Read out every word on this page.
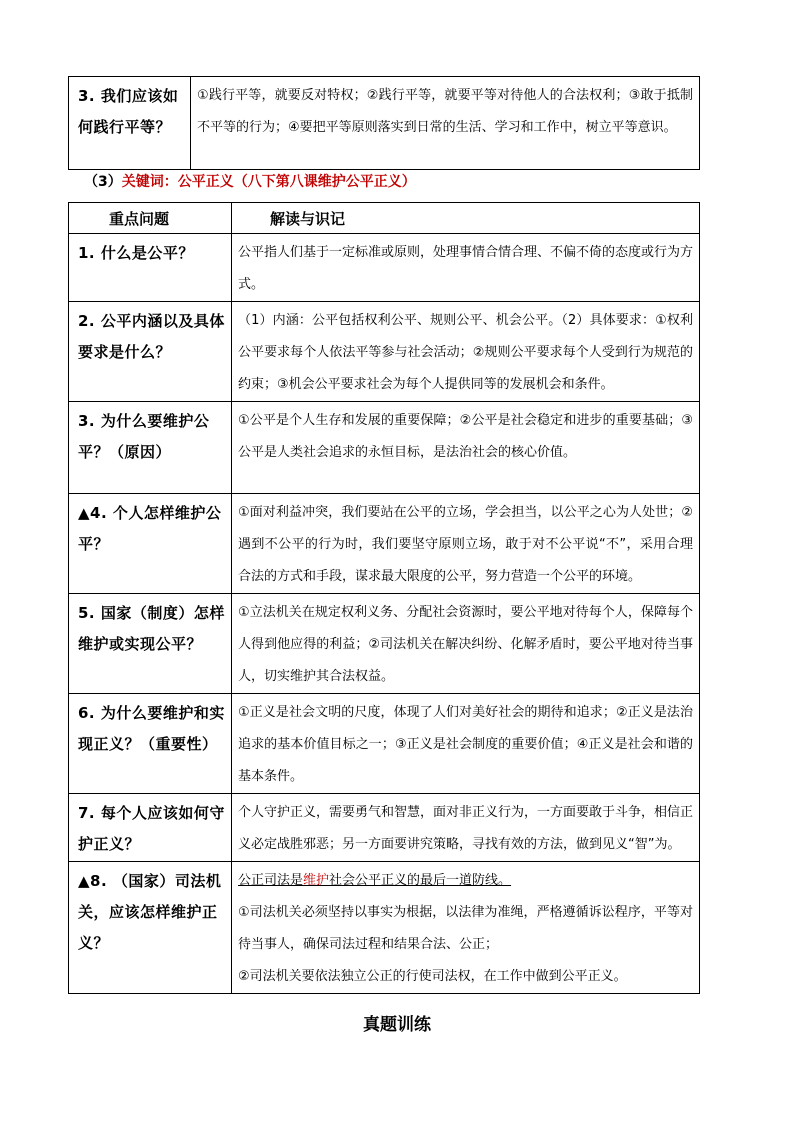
3. 我们应该如何践行平等？	①践行平等，就要反对特权；②践行平等，就要平等对待他人的合法权利；③敢于抵制不平等的行为；④要把平等原则落实到日常的生活、学习和工作中，树立平等意识。
（3）关键词：公平正义（八下第八课维护公平正义）
重点问题	解读与识记
1. 什么是公平？	公平指人们基于一定标准或原则，处理事情合情合理、不偏不倚的态度或行为方式。
2. 公平内涵以及具体要求是什么？	（1）内涵：公平包括权利公平、规则公平、机会公平。（2）具体要求：①权利公平要求每个人依法平等参与社会活动；②规则公平要求每个人受到行为规范的约束；③机会公平要求社会为每个人提供同等的发展机会和条件。
3. 为什么要维护公平？（原因）	①公平是个人生存和发展的重要保障；②公平是社会稳定和进步的重要基础；③公平是人类社会追求的永恒目标，是法治社会的核心价值。
▲4. 个人怎样维护公平？	①面对利益冲突，我们要站在公平的立场，学会担当，以公平之心为人处世；②遇到不公平的行为时，我们要坚守原则立场，敢于对不公平说“不”，采用合理合法的方式和手段，谋求最大限度的公平，努力营造一个公平的环境。
5. 国家（制度）怎样维护或实现公平？	①立法机关在规定权利义务、分配社会资源时，要公平地对待每个人，保障每个人得到他应得的利益；②司法机关在解决纠纷、化解矛盾时，要公平地对待当事人，切实维护其合法权益。
6. 为什么要维护和实现正义？（重要性）	①正义是社会文明的尺度，体现了人们对美好社会的期待和追求；②正义是法治追求的基本价值目标之一；③正义是社会制度的重要价值；④正义是社会和谐的基本条件。
7. 每个人应该如何守护正义？	个人守护正义，需要勇气和智慧，面对非正义行为，一方面要敢于斗争，相信正义必定战胜邪恶；另一方面要讲究策略，寻找有效的方法，做到见义“智”为。
▲8. （国家）司法机关，应该怎样维护正义？	公正司法是维护社会公平正义的最后一道防线。
①司法机关必须坚持以事实为根据，以法律为准绳，严格遵循诉讼程序，平等对待当事人，确保司法过程和结果合法、公正；
②司法机关要依法独立公正的行使司法权，在工作中做到公平正义。
真题训练
